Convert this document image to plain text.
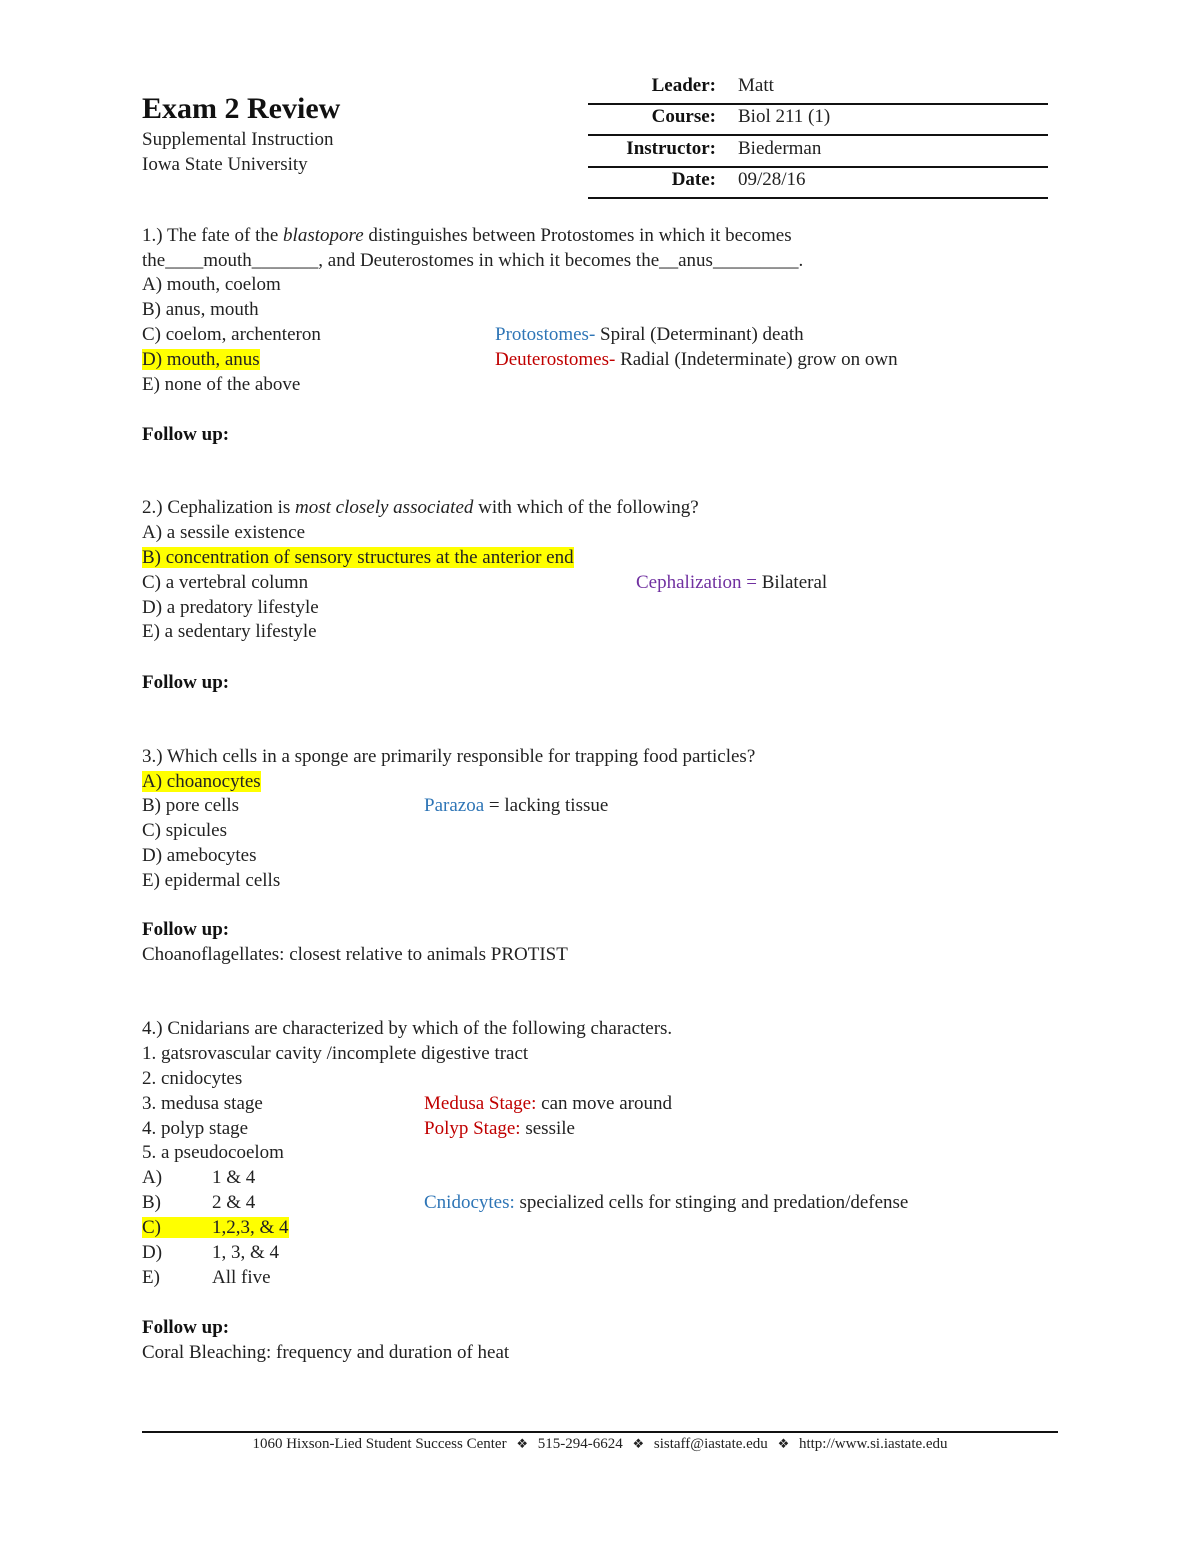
Exam 2 Review
Supplemental Instruction
Iowa State University
Leader: Matt
Course: Biol 211 (1)
Instructor: Biederman
Date: 09/28/16
1.) The fate of the blastopore distinguishes between Protostomes in which it becomes
the____mouth_______, and Deuterostomes in which it becomes the__anus_________.
A) mouth, coelom
B) anus, mouth
C) coelom, archenteron
D) mouth, anus
E) none of the above
Protostomes- Spiral (Determinant) death
Deuterostomes- Radial (Indeterminate) grow on own
Follow up:
2.) Cephalization is most closely associated with which of the following?
A) a sessile existence
B) concentration of sensory structures at the anterior end
C) a vertebral column
D) a predatory lifestyle
E) a sedentary lifestyle
Cephalization = Bilateral
Follow up:
3.) Which cells in a sponge are primarily responsible for trapping food particles?
A) choanocytes
B) pore cells
C) spicules
D) amebocytes
E) epidermal cells
Parazoa = lacking tissue
Follow up:
Choanoflagellates: closest relative to animals PROTIST
4.) Cnidarians are characterized by which of the following characters.
1. gatsrovascular cavity /incomplete digestive tract
2. cnidocytes
3. medusa stage
4. polyp stage
5. a pseudocoelom
A)	1 & 4
B)	2 & 4
C)	1,2,3, & 4
D)	1, 3, & 4
E)	All five
Medusa Stage: can move around
Polyp Stage: sessile
Cnidocytes: specialized cells for stinging and predation/defense
Follow up:
Coral Bleaching: frequency and duration of heat
1060 Hixson-Lied Student Success Center ❖ 515-294-6624 ❖ sistaff@iastate.edu ❖ http://www.si.iastate.edu
